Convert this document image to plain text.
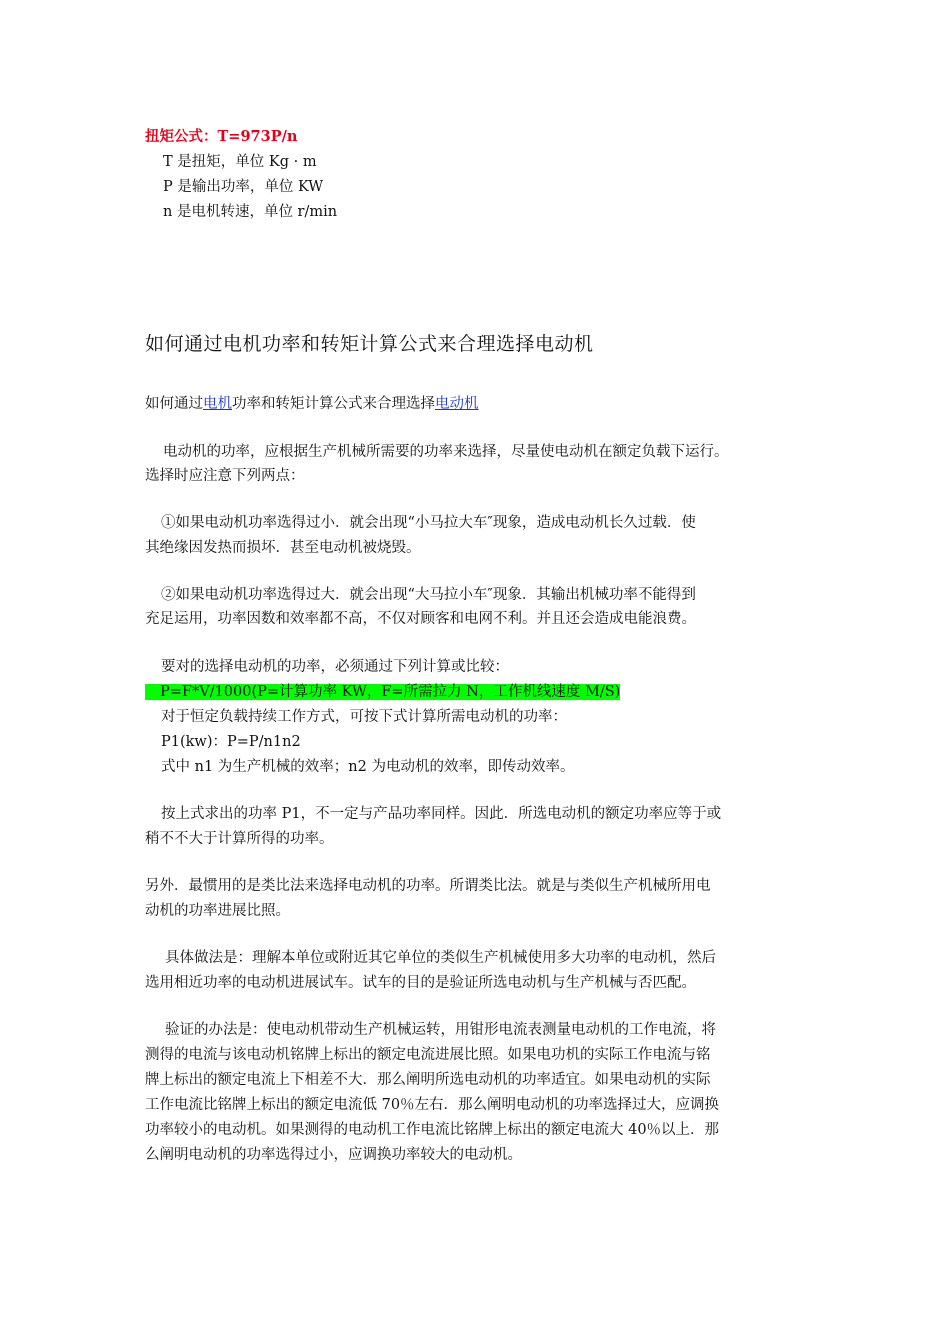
扭矩公式：T=973P/n
T 是扭矩，单位 Kg · m
P 是输出功率，单位 KW
n 是电机转速，单位 r/min
如何通过电机功率和转矩计算公式来合理选择电动机
如何通过电机功率和转矩计算公式来合理选择电动机
电动机的功率，应根据生产机械所需要的功率来选择，尽量使电动机在额定负载下运行。
选择时应注意下列两点：
①如果电动机功率选得过小．就会出现“小马拉大车″现象，造成电动机长久过载．使
其绝缘因发热而损坏．甚至电动机被烧毁。
②如果电动机功率选得过大．就会出现“大马拉小车″现象．其输出机械功率不能得到
充足运用，功率因数和效率都不高，不仅对顾客和电网不利。并且还会造成电能浪费。
要对的选择电动机的功率，必须通过下列计算或比较：
P=F*V/1000(P=计算功率 KW，F=所需拉力 N，工作机线速度 M/S)
对于恒定负载持续工作方式，可按下式计算所需电动机的功率：
P1(kw)：P=P/n1n2
式中 n1 为生产机械的效率；n2 为电动机的效率，即传动效率。
按上式求出的功率 P1，不一定与产品功率同样。因此．所选电动机的额定功率应等于或
稍不不大于计算所得的功率。
另外．最惯用的是类比法来选择电动机的功率。所谓类比法。就是与类似生产机械所用电
动机的功率进展比照。
具体做法是：理解本单位或附近其它单位的类似生产机械使用多大功率的电动机，然后
选用相近功率的电动机进展试车。试车的目的是验证所选电动机与生产机械与否匹配。
验证的办法是：使电动机带动生产机械运转，用钳形电流表测量电动机的工作电流，将
测得的电流与该电动机铭牌上标出的额定电流进展比照。如果电功机的实际工作电流与铭
牌上标出的额定电流上下相差不大．那么阐明所选电动机的功率适宜。如果电动机的实际
工作电流比铭牌上标出的额定电流低 70％左右．那么阐明电动机的功率选择过大，应调换
功率较小的电动机。如果测得的电动机工作电流比铭牌上标出的额定电流大 40％以上．那
么阐明电动机的功率选得过小，应调换功率较大的电动机。
